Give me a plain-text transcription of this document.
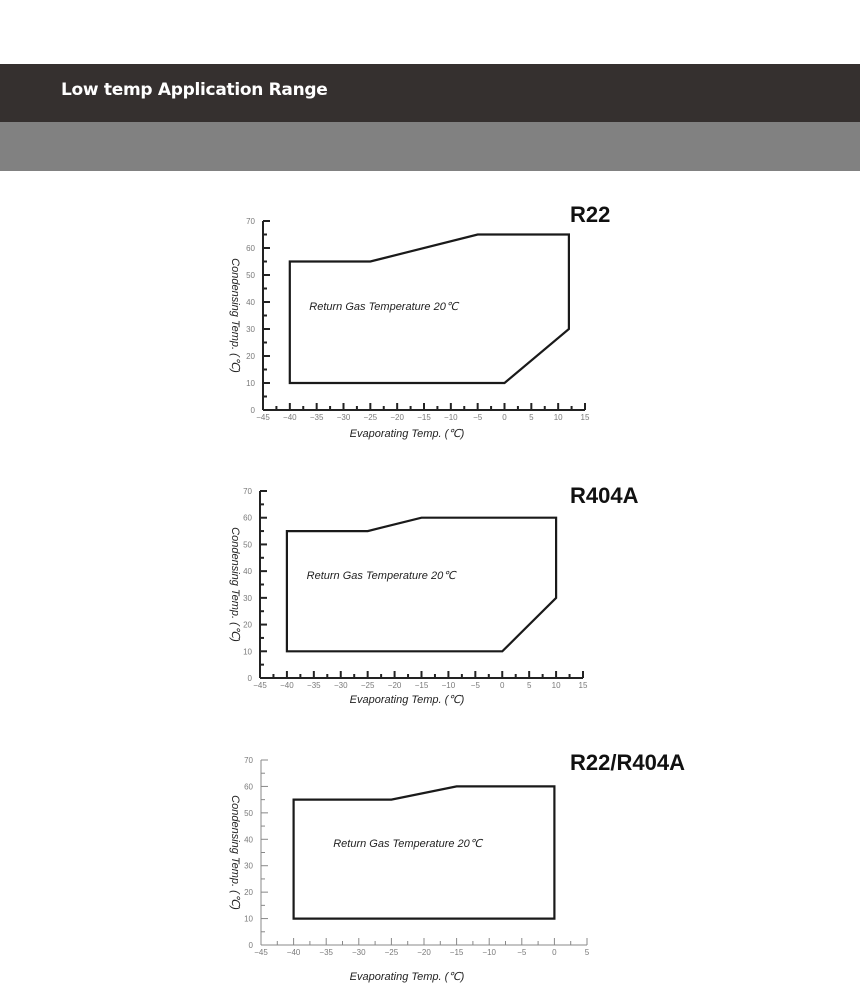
Low temp Application Range
0
10
20
30
40
50
60
70
−45 −40 −35 −30 −25 −20 −15 −10 −5	0	5	10 15
Return Gas Temperature 20℃
R22
Evaporating Temp. (℃)
Condensing Temp. (℃)
0
10
20
30
40
50
60
70
−45 −40 −35 −30 −25 −20 −15 −10 −5	0	5	10 15
Return Gas Temperature 20℃
R404A
Evaporating Temp. (℃)
Condensing Temp. (℃)
0
10
20
30
40
50
60
70
−45 −40 −35 −30 −25 −20 −15 −10	−5	0	5
Return Gas Temperature 20℃
R22/R404A
Evaporating Temp. (℃)
Condensing Temp. (℃)
